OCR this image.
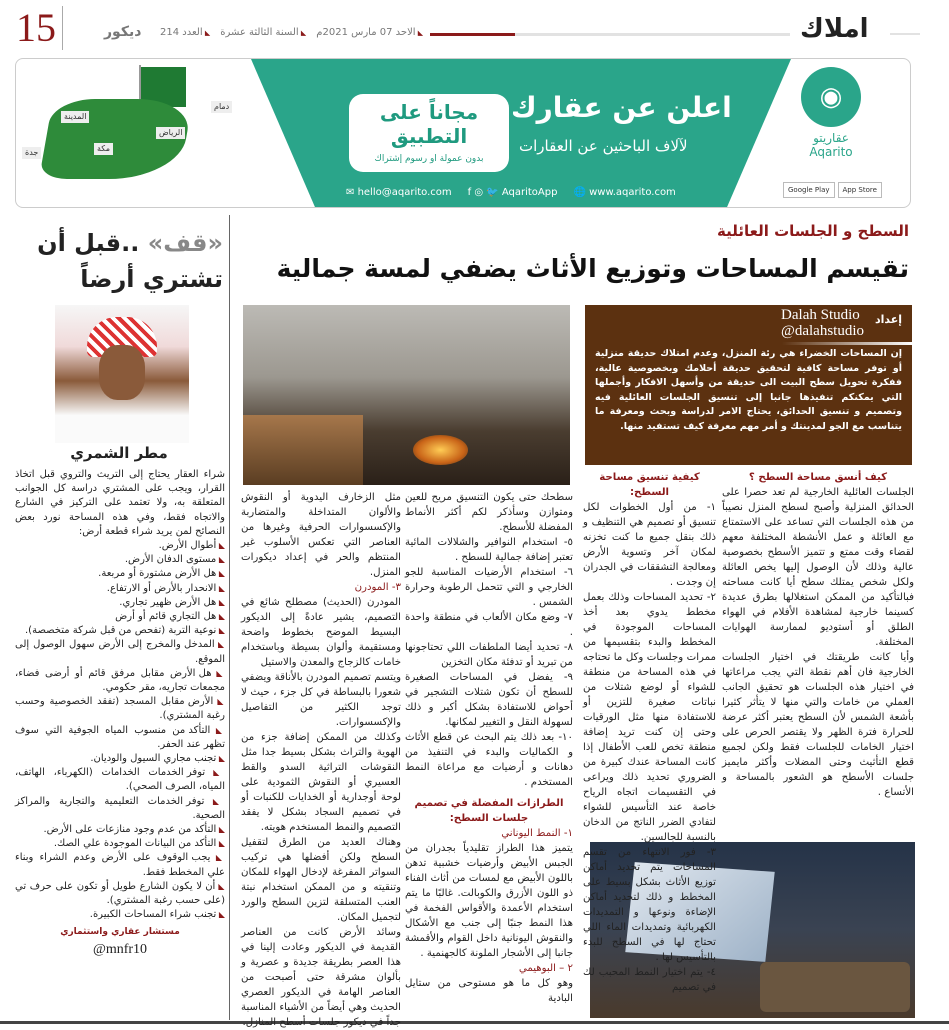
15	ديكور	◣ الاحد 07 مارس 2021م
◣ السنة الثالثة عشرة
◣ العدد 214	املاك
الرياض
مكة
المدينة
جدة
دمام	مجاناً على التطبيق
بدون عمولة او رسوم إشتراك
اعلن عن عقارك
لآلاف الباحثين عن العقارات
✉ hello@aqarito.com f ◎ 🐦 AqaritoApp 🌐 www.aqarito.com	Google Play	App Store
◉
عقاريتو
Aqarito
السطح و الجلسات العائلية
تقيسم المساحات وتوزيع الأثاث يضفي لمسة جمالية
إعداد
Dalah Studio
@dalahstudio
إن المساحات الخضراء هي رئة المنزل، وعدم امتلاك حديقة منزلية أو توفر مساحة كافية لتحقيق حديقة أحلامك وبخصوصية عالية، ففكرة تحويل سطح البيت الى حديقة من وأسهل الافكار وأجملها التي يمكنكم تنفيذها جانبا إلى تنسيق الجلسات العائلية فيه وتصميم و تنسيق الحدائق، يحتاج الامر لدراسة وبحث ومعرفة ما يتناسب مع الجو لمدينتك و أمر مهم معرفة كيف تستفيد منها.

كيف أنسق مساحة السطح ؟

الجلسات العائلية الخارجية لم تعد حصرا على الحدائق المنزلية وأصبح لسطح المنزل نصيباً من هذه الجلسات التي تساعد على الاستمتاع مع العائلة و عمل الأنشطة المختلفة معهم لقضاء وقت ممتع و تتميز الأسطح بخصوصية عالية وذلك لأن الوصول إليها يخص العائلة ولكل شخص يمتلك سطح أيا كانت مساحته فبالتأكيد من الممكن استغلالها بطرق عديدة كسينما خارجية لمشاهدة الأفلام في الهواء الطلق أو أستوديو لممارسة الهوايات المختلفة.

وأيا كانت طريقتك في اختيار الجلسات الخارجية فان أهم نقطة التي يجب مراعاتها في اختيار هذه الجلسات هو تحقيق الجانب العملي من خامات والتي منها لا يتأثر كثيرا بأشعة الشمس لأن السطح يعتبر أكثر عرضة للحرارة فترة الظهر ولا يقتصر الحرص على اختيار الخامات للجلسات فقط ولكن لجميع قطع التأثيث وحتى المضلات وأكثر مايميز جلسات الأسطح هو الشعور بالمساحة و الأتساع .

كيفية تنسيق مساحة السطح:

١- من أول الخطوات لكل تنسيق أو تصميم هي التنظيف و ذلك بنقل جميع ما كنت تخزنه لمكان آخر وتسوية الأرض ومعالجة التشققات في الجدران إن وجدت .

٢- تحديد المساحات وذلك بعمل مخطط يدوي بعد أخذ المساحات الموجودة في المخطط والبدء بتقسيمها من ممرات وجلسات وكل ما تحتاجه في هذه المساحة من منطقة للشواء أو لوضع شتلات من نباتات صغيرة للتزين أو للاستفادة منها مثل الورقيات وحتى إن كنت تريد إضافة منطقة تخص للعب الأطفال إذا كانت المساحة عندك كبيرة من الضروري تحديد ذلك ويراعى في التقسيمات اتجاه الرياح خاصة عند التأسيس للشواء لتفادي الضرر الناتج من الدخان بالنسبة للجالسين.

٣- فور الانتهاء من تقسم المساحات يتم تحديد أماكن توزيع الأثاث بشكل بسيط على المخطط و ذلك لتحديد أماكن الإضاءة ونوعها و التمديدات الكهربائية وتمديدات الماء اللي تحتاج لها في السطح للبدء بالتأسيس لها .

٤- يتم اختيار النمط المحبب لك في تصميم

سطحك حتى يكون التنسيق مريح للعين ومتوازن وسأذكر لكم أكثر الأنماط المفضلة للأسطح.

٥- استخدام النوافير والشلالات المائية تعتبر إضافة جمالية للسطح .

٦- استخدام الأرضيات المناسبة للجو الخارجي و التي تتحمل الرطوبة وحرارة الشمس .

٧- وضع مكان الألعاب في منطقة واحدة .

٨- تحديد أيضا الملطفات اللي تحتاجونها من تبريد أو تدفئة مكان التخزين

٩- يفضل في المساحات الصغيرة للسطح أن تكون شتلات التشجير في أحواض للاستفادة بشكل أكبر و ذلك لسهولة النقل و التغيير لمكانها.

١٠- بعد ذلك يتم البحث عن قطع الأثاث و الكماليات والبدء في التنفيذ من دهانات و أرضيات مع مراعاة النمط المستخدم .

الطرازات المفضلة في تصميم جلسات السطح:

١- النمط اليوناني

يتميز هذا الطراز تقليدياً بجدران من الجبس الأبيض وأرضيات خشبية تدهن باللون الأبيض مع لمسات من أثاث الفناء ذو اللون الأزرق والكوبالت. غالبًا ما يتم استخدام الأعمدة والأقواس الفخمة في هذا النمط جنبًا إلى جنب مع الأشكال والنقوش اليونانية داخل القوام والأقمشة جانبا إلى الأشجار الملونة كالجهنمية .

٢ – البوهيمي

وهو كل ما هو مستوحى من ستايل البادية

مثل الزخارف اليدوية أو النقوش والألوان المتداخلة والمتضاربة والإكسسوارات الحرفية وغيرها من العناصر التي تعكس الأسلوب غير المنتظم والحر في إعداد ديكورات المنزل.

٣- المودرن

المودرن (الحديث) مصطلح شائع في التصميم، يشير عادةً إلى الديكور البسيط الموضح بخطوط واضحة ومستقيمة وألوان بسيطة وباستخدام خامات كالزجاج والمعدن والاستيل

ويتسم تصميم المودرن بالأناقة ويضفي شعورا بالبساطة في كل جزء ، حيث لا توجد الكثير من التفاصيل والإكسسوارات.

وكذلك من الممكن إضافة جزء من الهوية والتراث بشكل بسيط جدا مثل النقوشات التراثية السدو والقط العسيري أو النقوش الثمودية على لوحة أوجدارية أو الخدايات للكنبات أو في تصميم السجاد بشكل لا يفقد التصميم والنمط المستخدم هويته.

وهناك العديد من الطرق لتقفيل السطح ولكن أفضلها هي تركيب السواتر المفرغة لإدخال الهواء للمكان وتنقيته و من الممكن استخدام نبتة العنب المتسلقة لتزين السطح والورد لتجميل المكان.

وسائد الأرض كانت من العناصر القديمة في الديكور وعادت إلينا في هذا العصر بطريقة جديدة و عصرية و بألوان مشرقة حتى أصبحت من العناصر الهامة في الديكور العصري الحديث وهي أيضاً من الأشياء المناسبة جداً في ديكور جلسات أسطح المنازل.

«قف» ..قبل أن تشتري أرضاً
مطر الشمري

شراء العقار يحتاج إلى التريث والتروي قبل اتخاذ القرار، ويجب على المشتري دراسة كل الجوانب المتعلقة به، ولا تعتمد على التركيز في الشارع والاتجاه فقط، وفي هذه المساحة نورد بعض النصائح لمن يريد شراء قطعة أرض:

◣ أطوال الأرض.
◣ مستوى الدفان الأرض.
◣ هل الأرض مشتورة أو مربعة.
◣ الانحدار بالأرض أو الارتفاع.
◣ هل الأرض ظهير تجاري.
◣ هل التجاري قائم أو أرض
◣ نوعية التربة (تفحص من قبل شركة متخصصة).
◣ المدخل والمخرج إلى الأرض سهول الوصول إلى الموقع.
◣ هل الأرض مقابل مرفق قائم أو أرضى فضاء، مجمعات تجاريه، مقر حكومي.
◣ الأرض مقابل المسجد (تفقد الخصوصية وحسب رغبة المشتري).
◣ التأكد من منسوب المياه الجوفية التي سوف تظهر عند الحفر.
◣ تجنب مجاري السيول والوديان.
◣ توفر الخدمات الخدامات (الكهرباء، الهاتف، المياه، الصرف الصحي).
◣ توفر الخدمات التعليمية والتجارية والمراكز الصحية.
◣ التأكد من عدم وجود منازعات على الأرض.
◣ التأكد من البيانات الموجودة علي الصك.
◣ يجب الوقوف على الأرض وعدم الشراء وبناء علي المخطط فقط.
◣ أن لا يكون الشارع طويل أو تكون على حرف تي (على حسب رغبة المشتري).
◣ تجنب شراء المساحات الكبيرة.
مستشار عقاري واستثماري
@mnfr10
